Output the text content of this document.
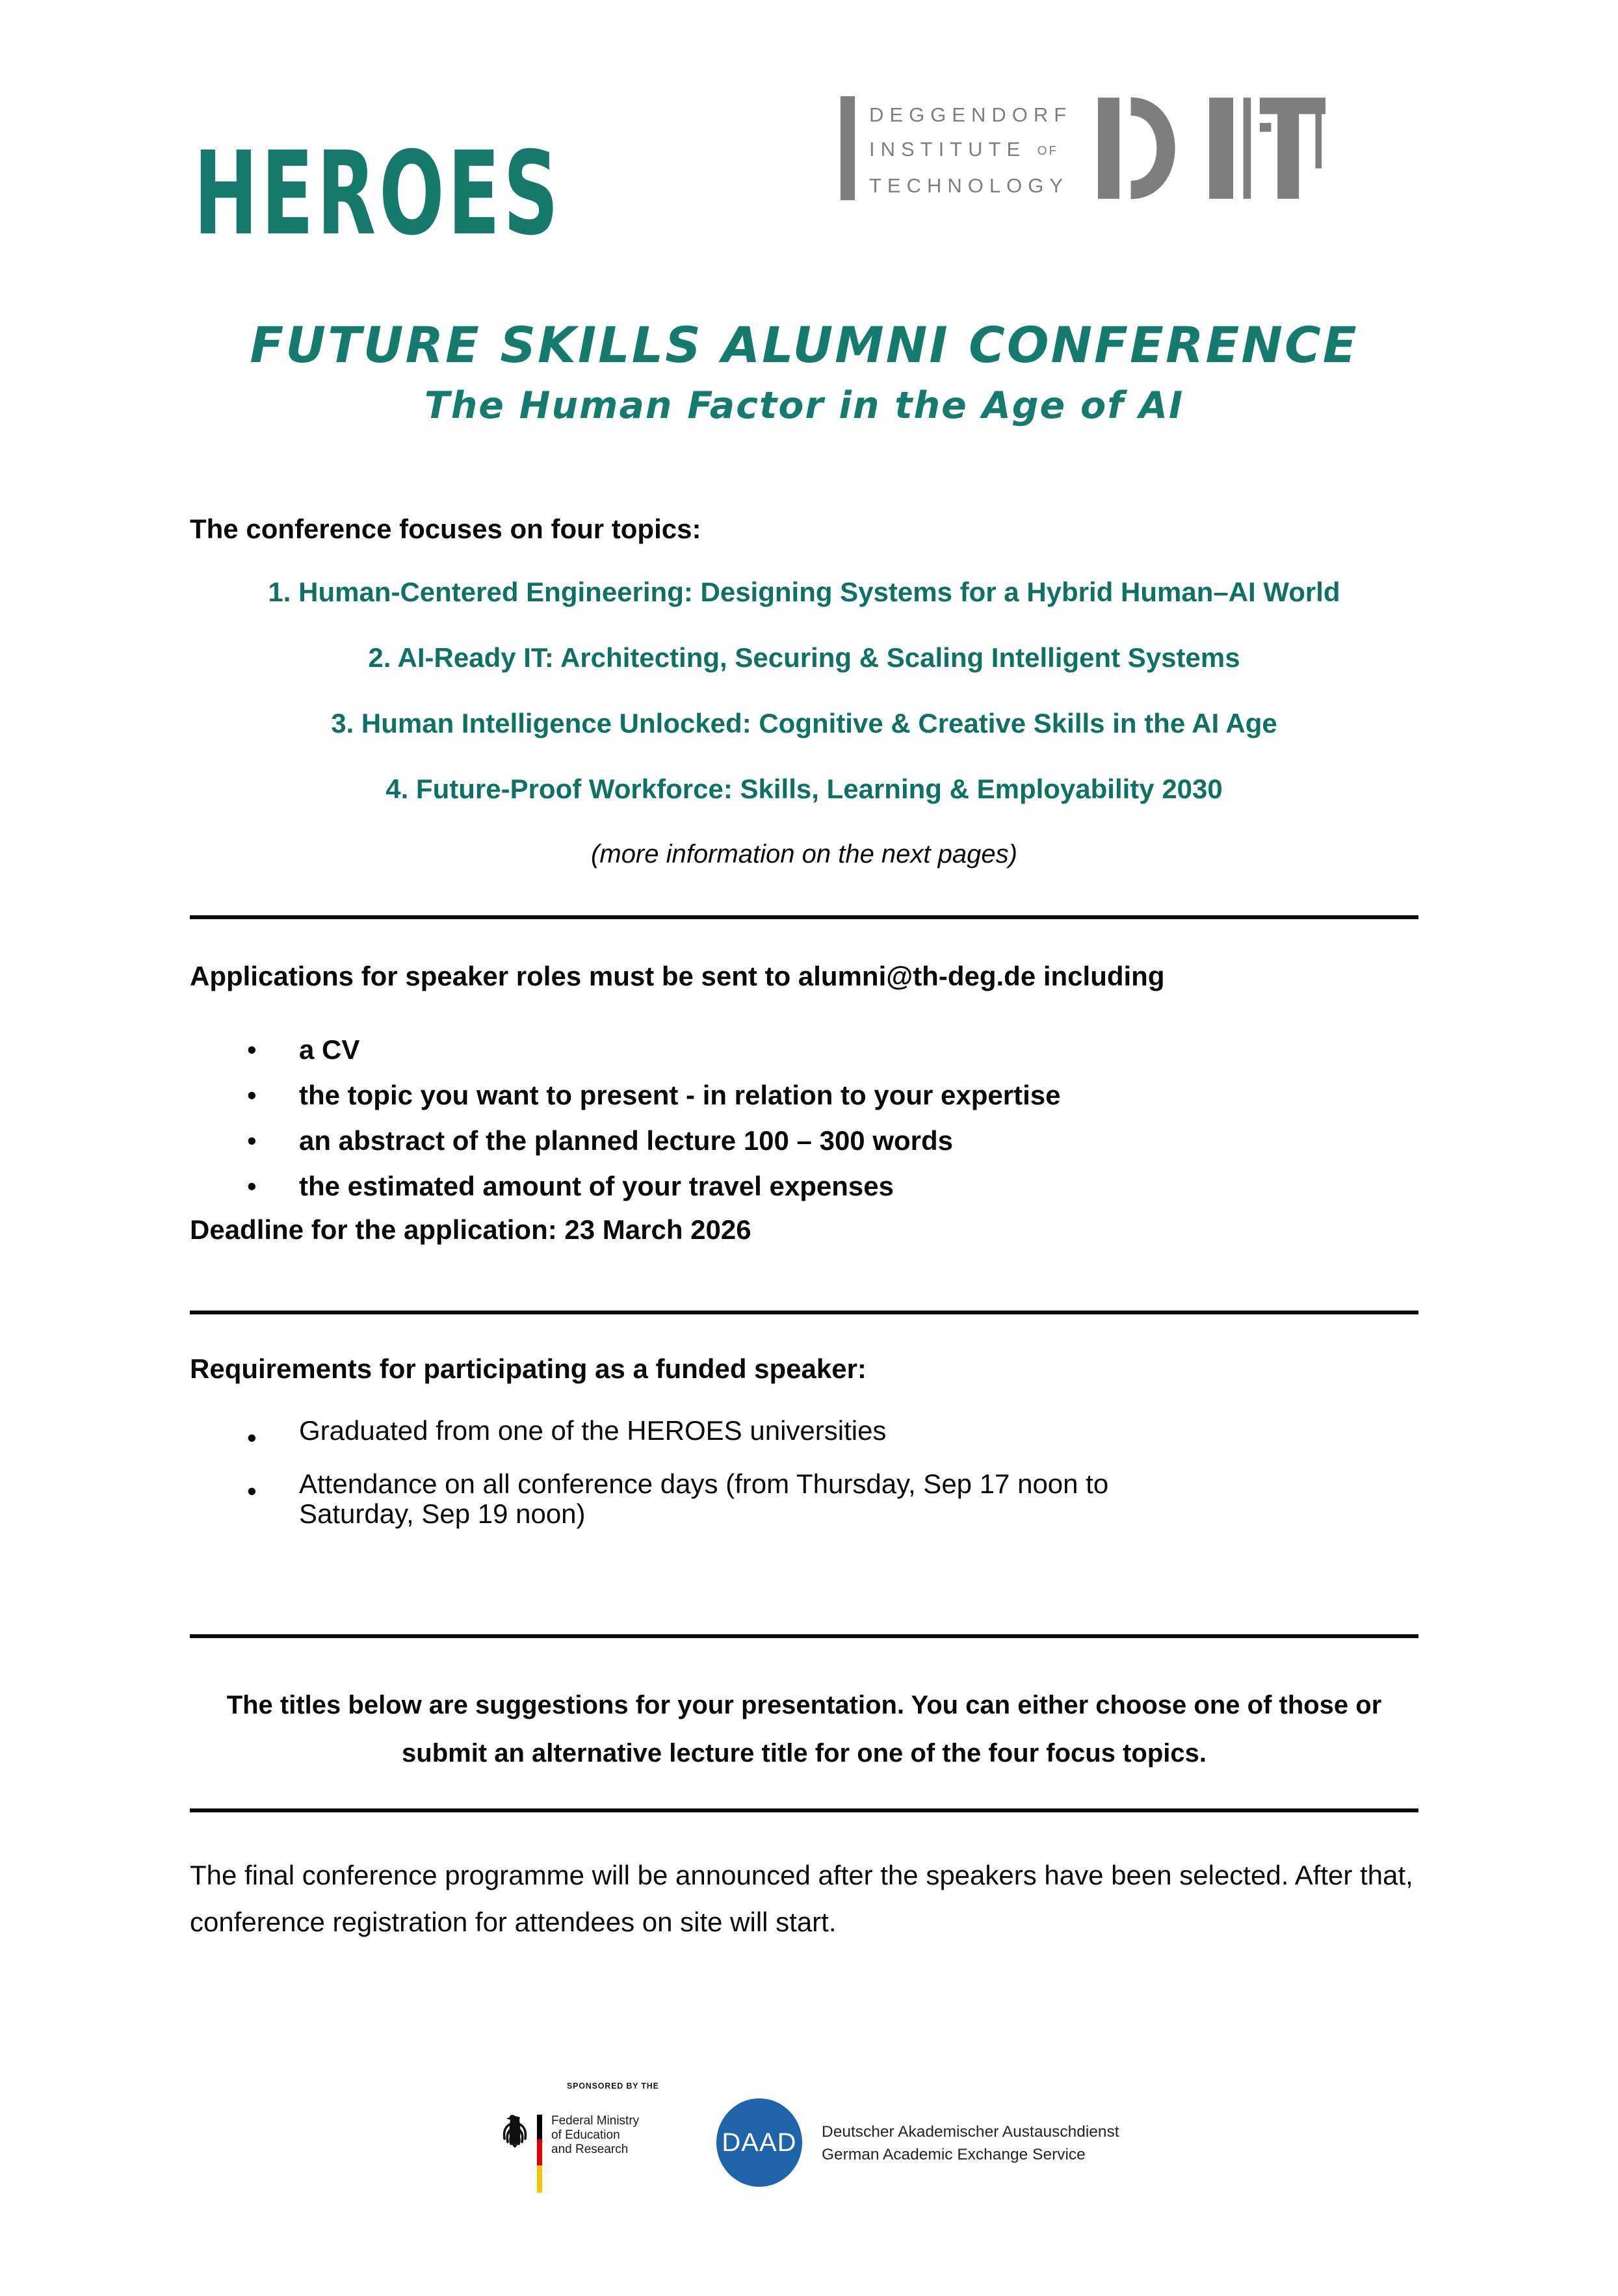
HEROES
DEGGENDORF
INSTITUTE OF
TECHNOLOGY
FUTURE SKILLS ALUMNI CONFERENCE
The Human Factor in the Age of AI
The conference focuses on four topics:
1. Human-Centered Engineering: Designing Systems for a Hybrid Human–AI World
2. AI-Ready IT: Architecting, Securing & Scaling Intelligent Systems
3. Human Intelligence Unlocked: Cognitive & Creative Skills in the AI Age
4. Future-Proof Workforce: Skills, Learning & Employability 2030
(more information on the next pages)
Applications for speaker roles must be sent to alumni@th-deg.de including
•	a CV
•	the topic you want to present - in relation to your expertise
•	an abstract of the planned lecture 100 – 300 words
•	the estimated amount of your travel expenses
Deadline for the application: 23 March 2026
Requirements for participating as a funded speaker:
•	Graduated from one of the HEROES universities
•	Attendance on all conference days (from Thursday, Sep 17 noon to Saturday, Sep 19 noon)
The titles below are suggestions for your presentation. You can either choose one of those or submit an alternative lecture title for one of the four focus topics.
The final conference programme will be announced after the speakers have been selected. After that, conference registration for attendees on site will start.
SPONSORED BY THE
Federal Ministry
of Education
and Research	DAAD Deutscher Akademischer Austauschdienst
German Academic Exchange Service
